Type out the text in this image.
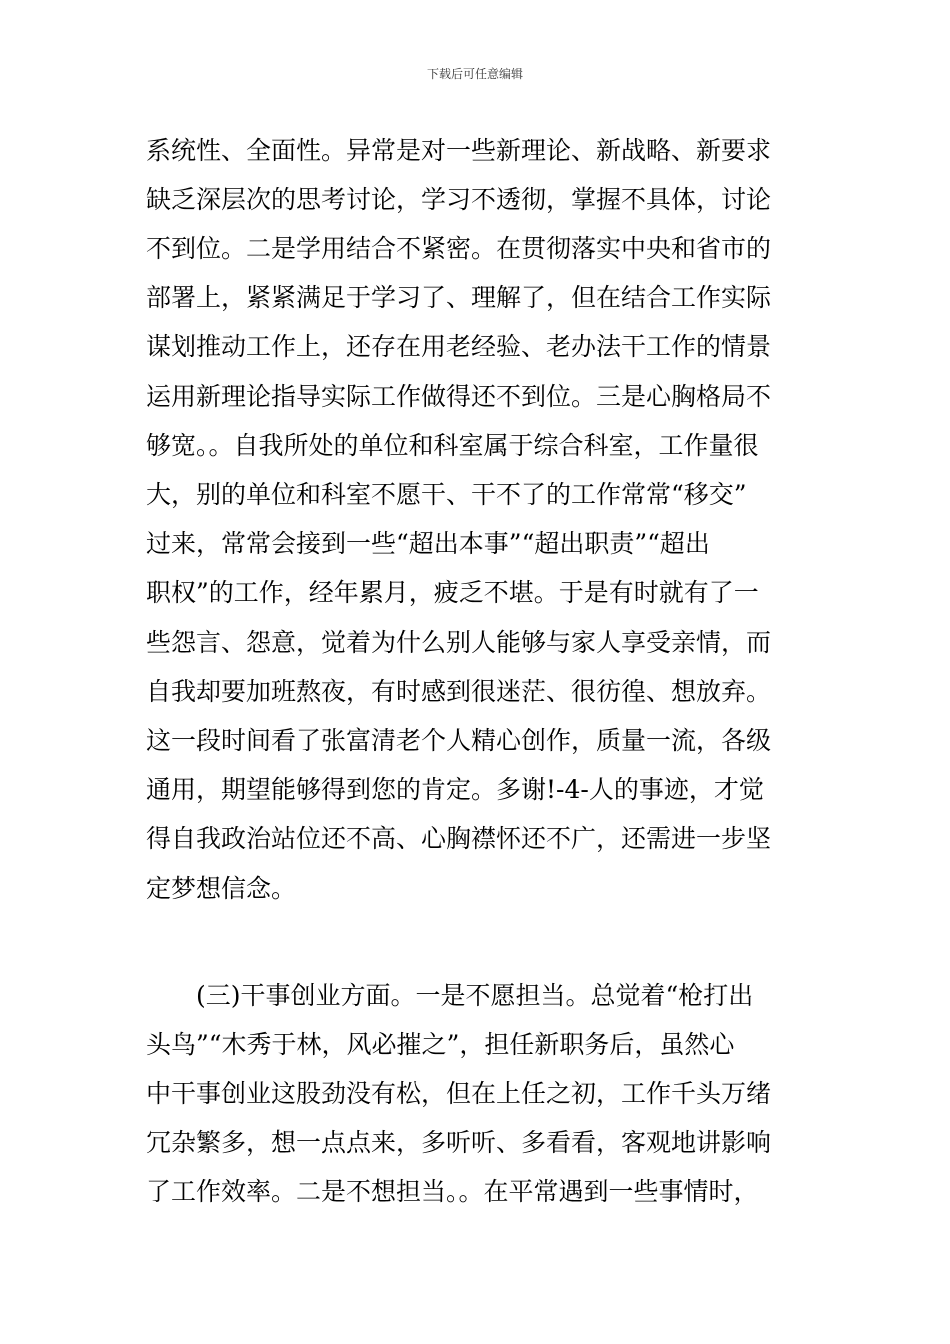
下载后可任意编辑
系统性、全面性。异常是对一些新理论、新战略、新要求
缺乏深层次的思考讨论，学习不透彻，掌握不具体，讨论
不到位。二是学用结合不紧密。在贯彻落实中央和省市的
部署上，紧紧满足于学习了、理解了，但在结合工作实际
谋划推动工作上，还存在用老经验、老办法干工作的情景
运用新理论指导实际工作做得还不到位。三是心胸格局不
够宽。。自我所处的单位和科室属于综合科室，工作量很
大，别的单位和科室不愿干、干不了的工作常常“移交”
过来，常常会接到一些“超出本事”“超出职责”“超出
职权”的工作，经年累月，疲乏不堪。于是有时就有了一
些怨言、怨意，觉着为什么别人能够与家人享受亲情，而
自我却要加班熬夜，有时感到很迷茫、很彷徨、想放弃。
这一段时间看了张富清老个人精心创作，质量一流，各级
通用，期望能够得到您的肯定。多谢!-4-人的事迹，才觉
得自我政治站位还不高、心胸襟怀还不广，还需进一步坚
定梦想信念。
　　(三)干事创业方面。一是不愿担当。总觉着“枪打出
头鸟”“木秀于林，风必摧之”，担任新职务后，虽然心
中干事创业这股劲没有松，但在上任之初，工作千头万绪
冗杂繁多，想一点点来，多听听、多看看，客观地讲影响
了工作效率。二是不想担当。。在平常遇到一些事情时，
